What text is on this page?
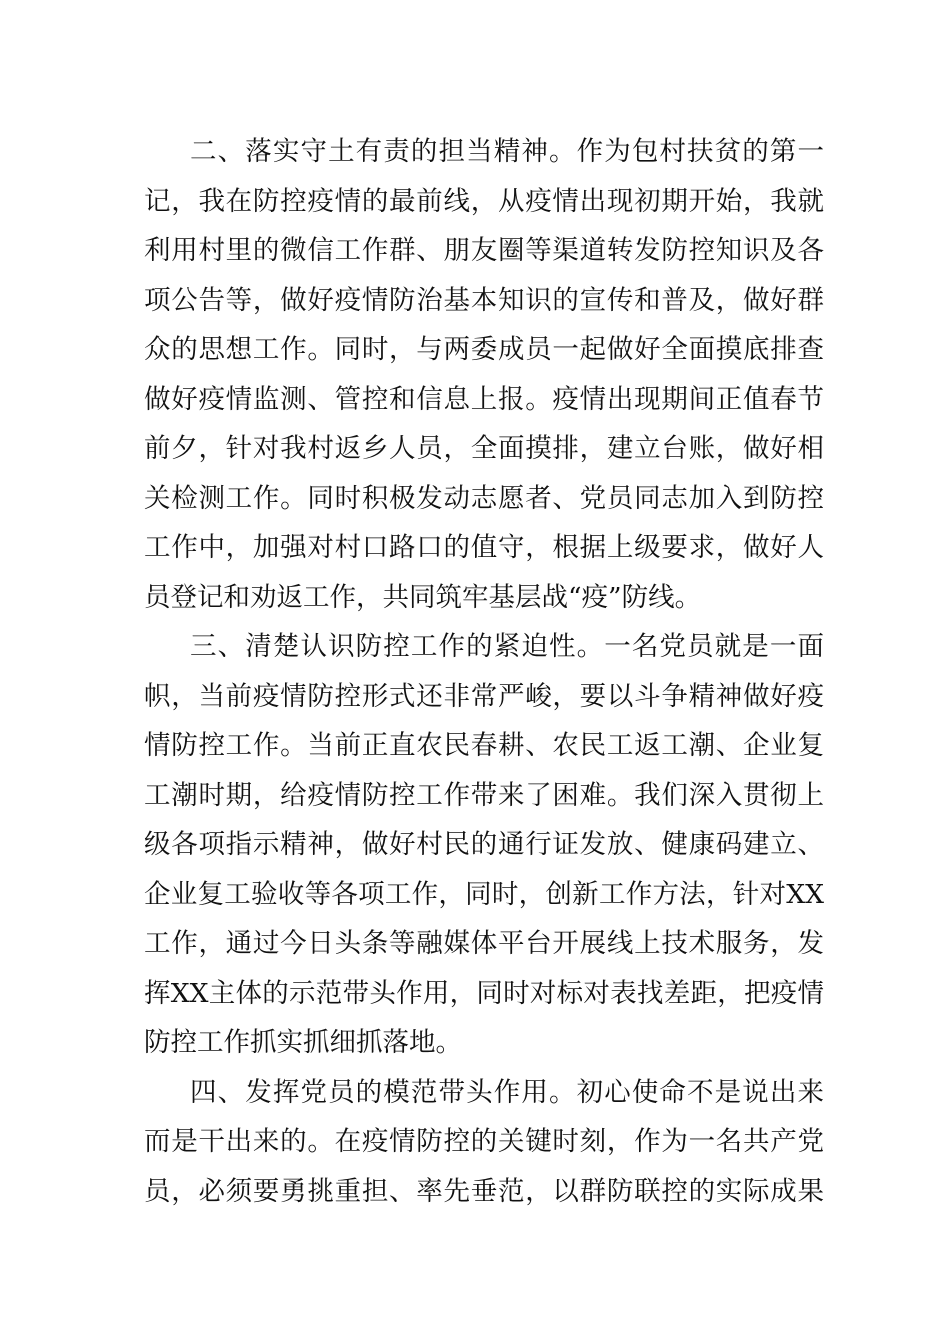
二、落实守土有责的担当精神。作为包村扶贫的第一
记，我在防控疫情的最前线，从疫情出现初期开始，我就
利用村里的微信工作群、朋友圈等渠道转发防控知识及各
项公告等，做好疫情防治基本知识的宣传和普及，做好群
众的思想工作。同时，与两委成员一起做好全面摸底排查
做好疫情监测、管控和信息上报。疫情出现期间正值春节
前夕，针对我村返乡人员，全面摸排，建立台账，做好相
关检测工作。同时积极发动志愿者、党员同志加入到防控
工作中，加强对村口路口的值守，根据上级要求，做好人
员登记和劝返工作，共同筑牢基层战“疫”防线。
三、清楚认识防控工作的紧迫性。一名党员就是一面
帜，当前疫情防控形式还非常严峻，要以斗争精神做好疫
情防控工作。当前正直农民春耕、农民工返工潮、企业复
工潮时期，给疫情防控工作带来了困难。我们深入贯彻上
级各项指示精神，做好村民的通行证发放、健康码建立、
企业复工验收等各项工作，同时，创新工作方法，针对XX
工作，通过今日头条等融媒体平台开展线上技术服务，发
挥XX主体的示范带头作用，同时对标对表找差距，把疫情
防控工作抓实抓细抓落地。
四、发挥党员的模范带头作用。初心使命不是说出来
而是干出来的。在疫情防控的关键时刻，作为一名共产党
员，必须要勇挑重担、率先垂范，以群防联控的实际成果
